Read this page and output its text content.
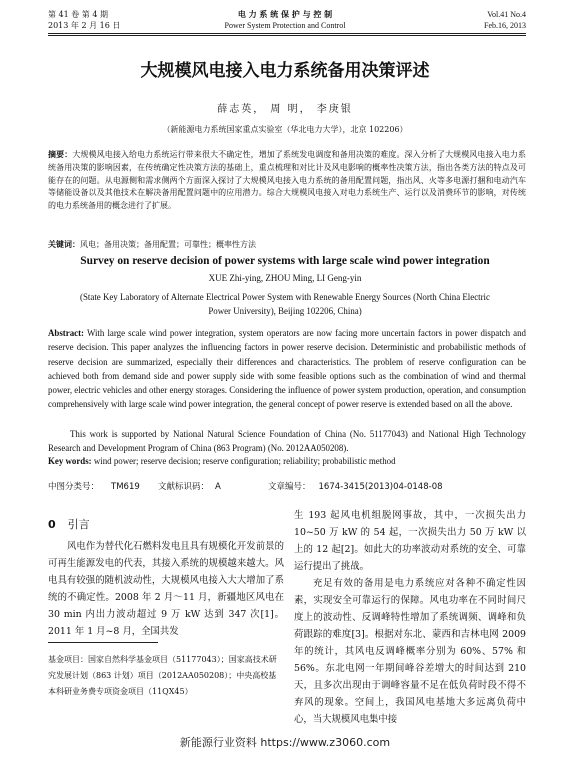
第 41 卷 第 4 期
2013 年 2 月 16 日
电 力 系 统 保 护 与 控 制
Power System Protection and Control
Vol.41 No.4
Feb.16, 2013
大规模风电接入电力系统备用决策评述
薛志英， 周 明， 李庚银
（新能源电力系统国家重点实验室（华北电力大学），北京 102206）
摘要：大规模风电接入给电力系统运行带来很大不确定性，增加了系统发电调度和备用决策的难度。深入分析了大规模风电接入电力系统备用决策的影响因素，在传统确定性决策方法的基础上，重点梳理和对比计及风电影响的概率性决策方法，指出各类方法的特点及可能存在的问题。从电源侧和需求侧两个方面深入探讨了大规模风电接入电力系统的备用配置问题，指出风、火等多电源打捆和电动汽车等储能设备以及其他技术在解决备用配置问题中的应用潜力。综合大规模风电接入对电力系统生产、运行以及消费环节的影响，对传统的电力系统备用的概念进行了扩展。
关键词：风电；备用决策；备用配置；可靠性；概率性方法
Survey on reserve decision of power systems with large scale wind power integration
XUE Zhi-ying, ZHOU Ming, LI Geng-yin
(State Key Laboratory of Alternate Electrical Power System with Renewable Energy Sources (North China Electric Power University), Beijing 102206, China)
Abstract: With large scale wind power integration, system operators are now facing more uncertain factors in power dispatch and reserve decision. This paper analyzes the influencing factors in power reserve decision. Deterministic and probabilistic methods of reserve decision are summarized, especially their differences and characteristics. The problem of reserve configuration can be achieved both from demand side and power supply side with some feasible options such as the combination of wind and thermal power, electric vehicles and other energy storages. Considering the influence of power system production, operation, and consumption comprehensively with large scale wind power integration, the general concept of power reserve is extended based on all the above.
This work is supported by National Natural Science Foundation of China (No. 51177043) and National High Technology Research and Development Program of China (863 Program) (No. 2012AA050208).
Key words: wind power; reserve decision; reserve configuration; reliability; probabilistic method
中图分类号： TM619 文献标识码： A	文章编号： 1674-3415(2013)04-0148-08
0 引言

风电作为替代化石燃料发电且具有规模化开发前景的可再生能源发电的代表，其接入系统的规模越来越大。风电具有较强的随机波动性，大规模风电接入大大增加了系统的不确定性。2008 年 2 月～11 月，新疆地区风电在 30 min 内出力波动超过 9 万 kW 达到 347 次[1]。2011 年 1 月~8 月，全国共发

基金项目：国家自然科学基金项目（51177043）；国家高技术研究发展计划（863 计划）项目（2012AA050208）；中央高校基本科研业务费专项资金项目（11QX45）

生 193 起风电机组脱网事故，其中，一次损失出力 10~50 万 kW 的 54 起，一次损失出力 50 万 kW 以上的 12 起[2]。如此大的功率波动对系统的安全、可靠运行提出了挑战。

充足有效的备用是电力系统应对各种不确定性因素，实现安全可靠运行的保障。风电功率在不同时间尺度上的波动性、反调峰特性增加了系统调频、调峰和负荷跟踪的难度[3]。根据对东北、蒙西和吉林电网 2009 年的统计，其风电反调峰概率分别为 60%、57% 和 56%。东北电网一年期间峰谷差增大的时间达到 210 天，且多次出现由于调峰容量不足在低负荷时段不得不弃风的现象。空间上，我国风电基地大多远离负荷中心，当大规模风电集中接

新能源行业资料 https://www.z3060.com
